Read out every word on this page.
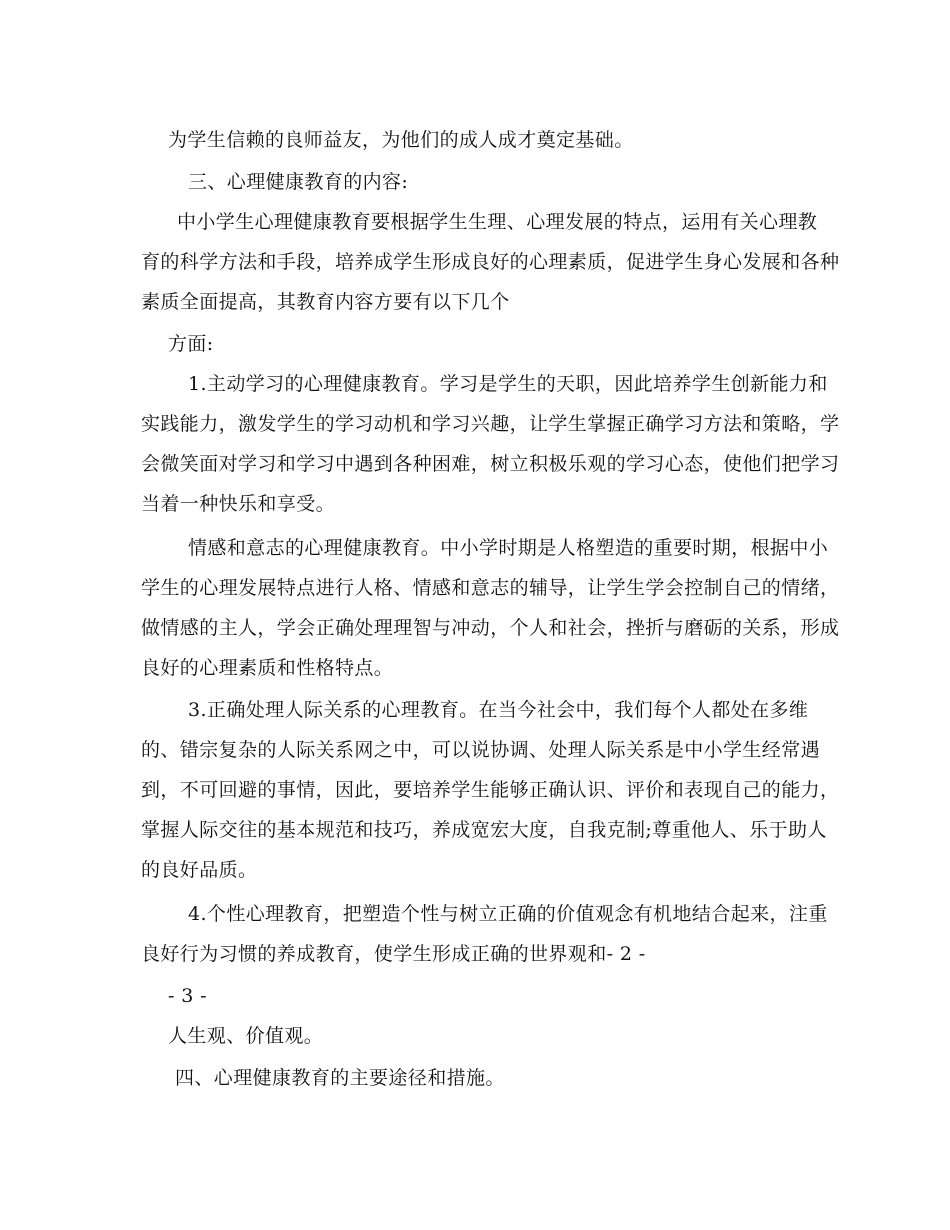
为学生信赖的良师益友，为他们的成人成才奠定基础。
三、心理健康教育的内容:
中小学生心理健康教育要根据学生生理、心理发展的特点，运用有关心理教
育的科学方法和手段，培养成学生形成良好的心理素质，促进学生身心发展和各种
素质全面提高，其教育内容方要有以下几个
方面:
1.主动学习的心理健康教育。学习是学生的天职，因此培养学生创新能力和
实践能力，激发学生的学习动机和学习兴趣，让学生掌握正确学习方法和策略，学
会微笑面对学习和学习中遇到各种困难，树立积极乐观的学习心态，使他们把学习
当着一种快乐和享受。
情感和意志的心理健康教育。中小学时期是人格塑造的重要时期，根据中小
学生的心理发展特点进行人格、情感和意志的辅导，让学生学会控制自己的情绪，
做情感的主人，学会正确处理理智与冲动，个人和社会，挫折与磨砺的关系，形成
良好的心理素质和性格特点。
3.正确处理人际关系的心理教育。在当今社会中，我们每个人都处在多维
的、错宗复杂的人际关系网之中，可以说协调、处理人际关系是中小学生经常遇
到，不可回避的事情，因此，要培养学生能够正确认识、评价和表现自己的能力，
掌握人际交往的基本规范和技巧，养成宽宏大度，自我克制;尊重他人、乐于助人
的良好品质。
4.个性心理教育，把塑造个性与树立正确的价值观念有机地结合起来，注重
良好行为习惯的养成教育，使学生形成正确的世界观和- 2 -
- 3 -
人生观、价值观。
四、心理健康教育的主要途径和措施。
